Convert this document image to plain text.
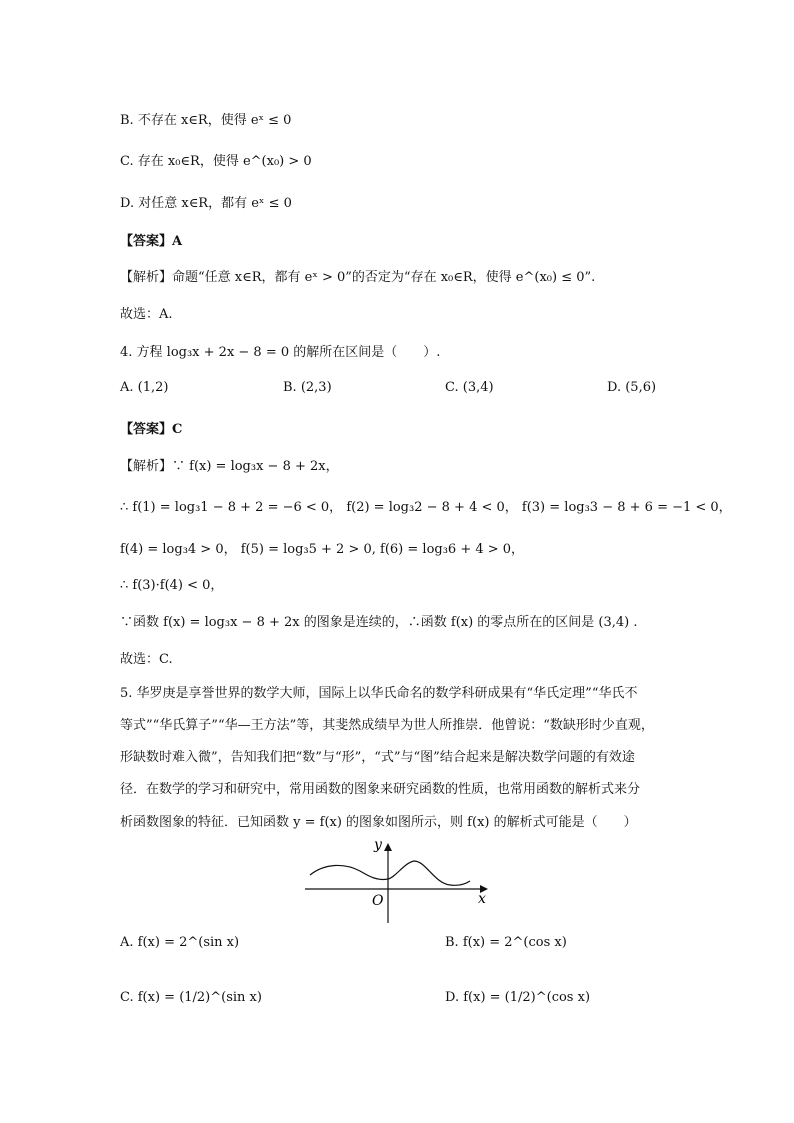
B. 不存在 x∈R，使得 eˣ ≤ 0
C. 存在 x₀∈R，使得 e^(x₀) > 0
D. 对任意 x∈R，都有 eˣ ≤ 0
【答案】A
【解析】命题“任意 x∈R，都有 eˣ > 0”的否定为“存在 x₀∈R，使得 e^(x₀) ≤ 0”.
故选：A.
4. 方程 log₃x + 2x − 8 = 0 的解所在区间是（　　）.
A. (1,2)	B. (2,3)	C. (3,4)	D. (5,6)
【答案】C
【解析】∵ f(x) = log₃x − 8 + 2x，
∴ f(1) = log₃1 − 8 + 2 = −6 < 0， f(2) = log₃2 − 8 + 4 < 0， f(3) = log₃3 − 8 + 6 = −1 < 0，
f(4) = log₃4 > 0， f(5) = log₃5 + 2 > 0, f(6) = log₃6 + 4 > 0，
∴ f(3)·f(4) < 0，
∵函数 f(x) = log₃x − 8 + 2x 的图象是连续的，∴函数 f(x) 的零点所在的区间是 (3,4) .
故选：C.
5. 华罗庚是享誉世界的数学大师，国际上以华氏命名的数学科研成果有“华氏定理”“华氏不
等式”“华氏算子”“华—王方法”等，其斐然成绩早为世人所推崇．他曾说：“数缺形时少直观，
形缺数时难入微”，告知我们把“数”与“形”，“式”与“图”结合起来是解决数学问题的有效途
径．在数学的学习和研究中，常用函数的图象来研究函数的性质，也常用函数的解析式来分
析函数图象的特征．已知函数 y = f(x) 的图象如图所示，则 f(x) 的解析式可能是（　　）
y
x
O
A. f(x) = 2^(sin x)	B. f(x) = 2^(cos x)
C. f(x) = (1/2)^(sin x)	D. f(x) = (1/2)^(cos x)
